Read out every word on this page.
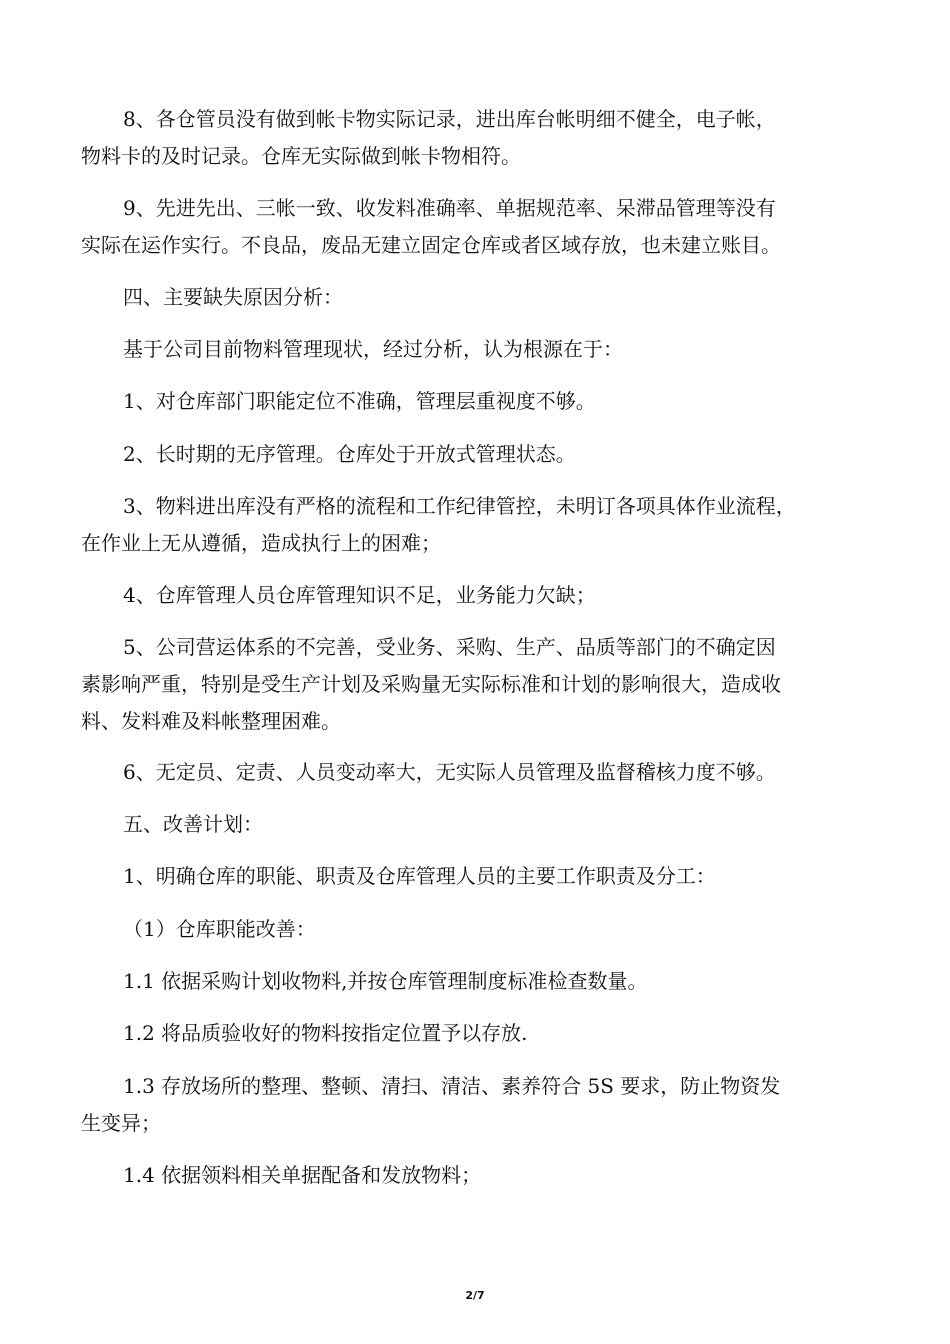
8、各仓管员没有做到帐卡物实际记录，进出库台帐明细不健全，电子帐，
物料卡的及时记录。仓库无实际做到帐卡物相符。

9、先进先出、三帐一致、收发料准确率、单据规范率、呆滞品管理等没有
实际在运作实行。不良品，废品无建立固定仓库或者区域存放，也未建立账目。

四、主要缺失原因分析：

基于公司目前物料管理现状，经过分析，认为根源在于：

1、对仓库部门职能定位不准确，管理层重视度不够。

2、长时期的无序管理。仓库处于开放式管理状态。

3、物料进出库没有严格的流程和工作纪律管控，未明订各项具体作业流程，
在作业上无从遵循，造成执行上的困难；

4、仓库管理人员仓库管理知识不足，业务能力欠缺；

5、公司营运体系的不完善，受业务、采购、生产、品质等部门的不确定因
素影响严重，特别是受生产计划及采购量无实际标准和计划的影响很大，造成收
料、发料难及料帐整理困难。

6、无定员、定责、人员变动率大，无实际人员管理及监督稽核力度不够。

五、改善计划：

1、明确仓库的职能、职责及仓库管理人员的主要工作职责及分工：

（1）仓库职能改善：

1.1 依据采购计划收物料,并按仓库管理制度标准检查数量。

1.2 将品质验收好的物料按指定位置予以存放.

1.3 存放场所的整理、整顿、清扫、清洁、素养符合 5S 要求，防止物资发
生变异；

1.4 依据领料相关单据配备和发放物料；

2/7
